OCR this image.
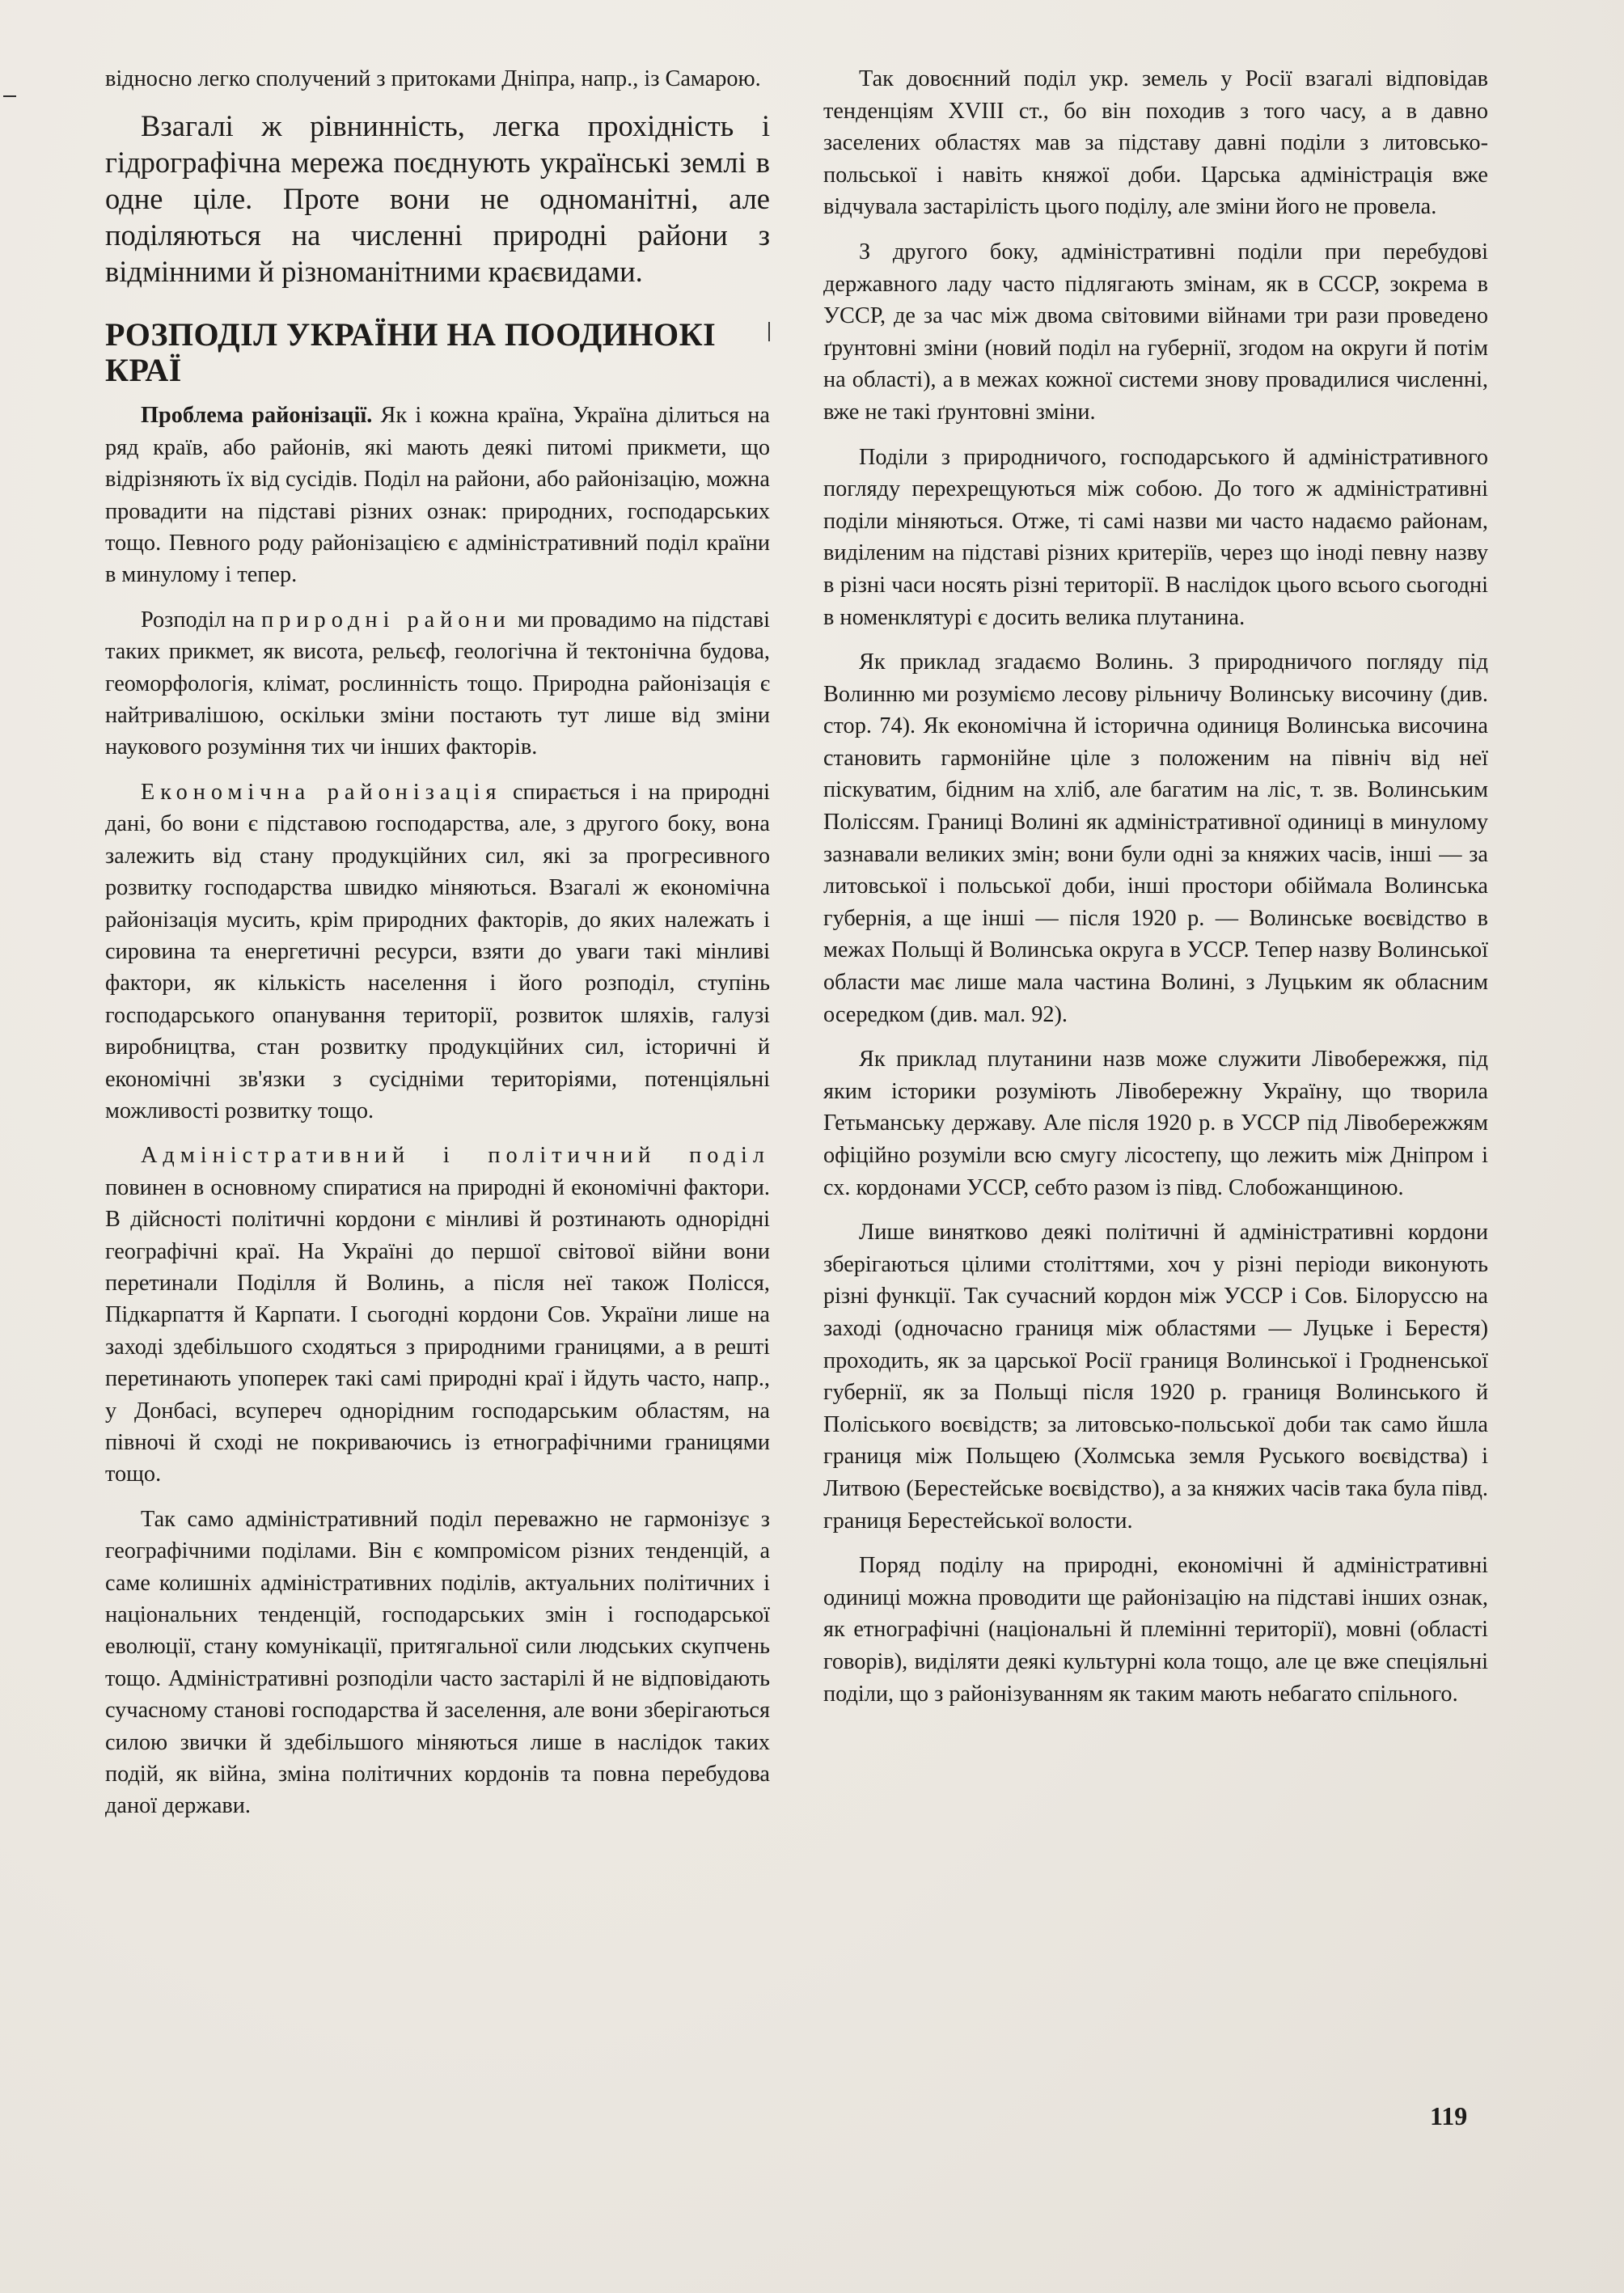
відносно легко сполучений з притоками Дніпра, напр., із Самарою.

Взагалі ж рівнинність, легка прохідність і гідрографічна мережа поєднують українські землі в одне ціле. Проте вони не одноманітні, але поділяються на численні природні райони з відмінними й різноманітними краєвидами.

РОЗПОДІЛ УКРАЇНИ НА ПООДИНОКІ КРАЇ

Проблема районізації. Як і кожна країна, Україна ділиться на ряд країв, або районів, які мають деякі питомі прикмети, що відрізняють їх від сусідів. Поділ на райони, або районізацію, можна провадити на підставі різних ознак: природних, господарських тощо. Певного роду районізацією є адміністративний поділ країни в минулому і тепер.

Розподіл на природні райони ми провадимо на підставі таких прикмет, як висота, рельєф, геологічна й тектонічна будова, геоморфологія, клімат, рослинність тощо. Природна районізація є найтривалішою, оскільки зміни постають тут лише від зміни наукового розуміння тих чи інших факторів.

Економічна районізація спирається і на природні дані, бо вони є підставою господарства, але, з другого боку, вона залежить від стану продукційних сил, які за прогресивного розвитку господарства швидко міняються. Взагалі ж економічна районізація мусить, крім природних факторів, до яких належать і сировина та енергетичні ресурси, взяти до уваги такі мінливі фактори, як кількість населення і його розподіл, ступінь господарського опанування території, розвиток шляхів, галузі виробництва, стан розвитку продукційних сил, історичні й економічні зв'язки з сусідніми територіями, потенціяльні можливості розвитку тощо.

Адміністративний і політичний поділ повинен в основному спиратися на природні й економічні фактори. В дійсності політичні кордони є мінливі й розтинають однорідні географічні краї. На Україні до першої світової війни вони перетинали Поділля й Волинь, а після неї також Полісся, Підкарпаття й Карпати. І сьогодні кордони Сов. України лише на заході здебільшого сходяться з природними границями, а в решті перетинають упоперек такі самі природні краї і йдуть часто, напр., у Донбасі, всупереч однорідним господарським областям, на півночі й сході не покриваючись із етнографічними границями тощо.

Так само адміністративний поділ переважно не гармонізує з географічними поділами. Він є компромісом різних тенденцій, а саме колишніх адміністративних поділів, актуальних політичних і національних тенденцій, господарських змін і господарської еволюції, стану комунікації, притягальної сили людських скупчень тощо. Адміністративні розподіли часто застарілі й не відповідають сучасному станові господарства й заселення, але вони зберігаються силою звички й здебільшого міняються лише в наслідок таких подій, як війна, зміна політичних кордонів та повна перебудова даної держави.

Так довоєнний поділ укр. земель у Росії взагалі відповідав тенденціям XVIII ст., бо він походив з того часу, а в давно заселених областях мав за підставу давні поділи з литовсько-польської і навіть княжої доби. Царська адміністрація вже відчувала застарілість цього поділу, але зміни його не провела.

З другого боку, адміністративні поділи при перебудові державного ладу часто підлягають змінам, як в СССР, зокрема в УССР, де за час між двома світовими війнами три рази проведено ґрунтовні зміни (новий поділ на губернії, згодом на округи й потім на області), а в межах кожної системи знову провадилися численні, вже не такі ґрунтовні зміни.

Поділи з природничого, господарського й адміністративного погляду перехрещуються між собою. До того ж адміністративні поділи міняються. Отже, ті самі назви ми часто надаємо районам, виділеним на підставі різних критеріїв, через що іноді певну назву в різні часи носять різні території. В наслідок цього всього сьогодні в номенклятурі є досить велика плутанина.

Як приклад згадаємо Волинь. З природничого погляду під Волинню ми розуміємо лесову рільничу Волинську височину (див. стор. 74). Як економічна й історична одиниця Волинська височина становить гармонійне ціле з положеним на північ від неї піскуватим, бідним на хліб, але багатим на ліс, т. зв. Волинським Поліссям. Границі Волині як адміністративної одиниці в минулому зазнавали великих змін; вони були одні за княжих часів, інші — за литовської і польської доби, інші простори обіймала Волинська губернія, а ще інші — після 1920 р. — Волинське воєвідство в межах Польщі й Волинська округа в УССР. Тепер назву Волинської области має лише мала частина Волині, з Луцьким як обласним осередком (див. мал. 92).

Як приклад плутанини назв може служити Лівобережжя, під яким історики розуміють Лівобережну Україну, що творила Гетьманську державу. Але після 1920 р. в УССР під Лівобережжям офіційно розуміли всю смугу лісостепу, що лежить між Дніпром і сх. кордонами УССР, себто разом із півд. Слобожанщиною.

Лише винятково деякі політичні й адміністративні кордони зберігаються цілими століттями, хоч у різні періоди виконують різні функції. Так сучасний кордон між УССР і Сов. Білоруссю на заході (одночасно границя між областями — Луцьке і Берестя) проходить, як за царської Росії границя Волинської і Гродненської губернії, як за Польщі після 1920 р. границя Волинського й Поліського воєвідств; за литовсько-польської доби так само йшла границя між Польщею (Холмська земля Руського воєвідства) і Литвою (Берестейське воєвідство), а за княжих часів така була півд. границя Берестейської волости.

Поряд поділу на природні, економічні й адміністративні одиниці можна проводити ще районізацію на підставі інших ознак, як етнографічні (національні й племінні території), мовні (області говорів), виділяти деякі культурні кола тощо, але це вже спеціяльні поділи, що з районізуванням як таким мають небагато спільного.

119
